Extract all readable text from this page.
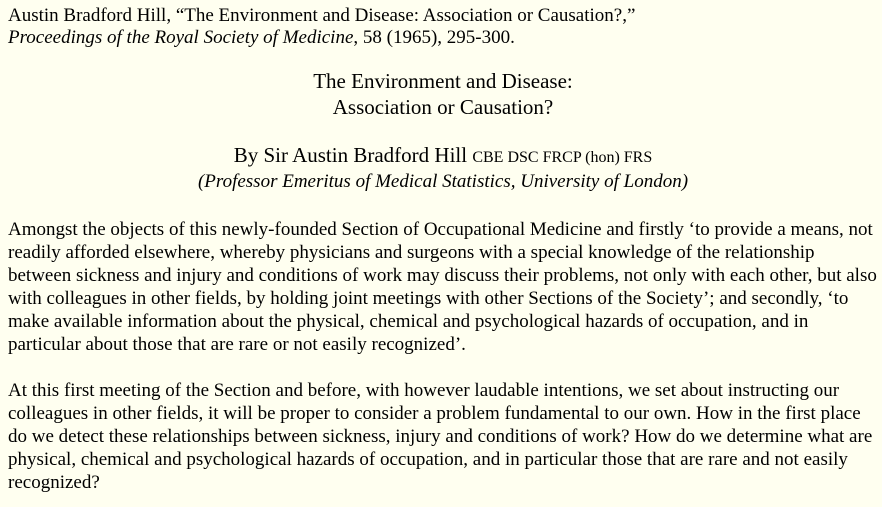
Austin Bradford Hill, “The Environment and Disease: Association or Causation?,”
Proceedings of the Royal Society of Medicine, 58 (1965), 295-300.
The Environment and Disease:
Association or Causation?
By Sir Austin Bradford Hill CBE DSC FRCP (hon) FRS
(Professor Emeritus of Medical Statistics, University of London)

Amongst the objects of this newly-founded Section of Occupational Medicine and firstly ‘to provide a means, not readily afforded elsewhere, whereby physicians and surgeons with a special knowledge of the relationship between sickness and injury and conditions of work may discuss their problems, not only with each other, but also with colleagues in other fields, by holding joint meetings with other Sections of the Society’; and secondly, ‘to make available information about the physical, chemical and psychological hazards of occupation, and in particular about those that are rare or not easily recognized’.

At this first meeting of the Section and before, with however laudable intentions, we set about instructing our colleagues in other fields, it will be proper to consider a problem fundamental to our own. How in the first place do we detect these relationships between sickness, injury and conditions of work? How do we determine what are physical, chemical and psychological hazards of occupation, and in particular those that are rare and not easily recognized?
